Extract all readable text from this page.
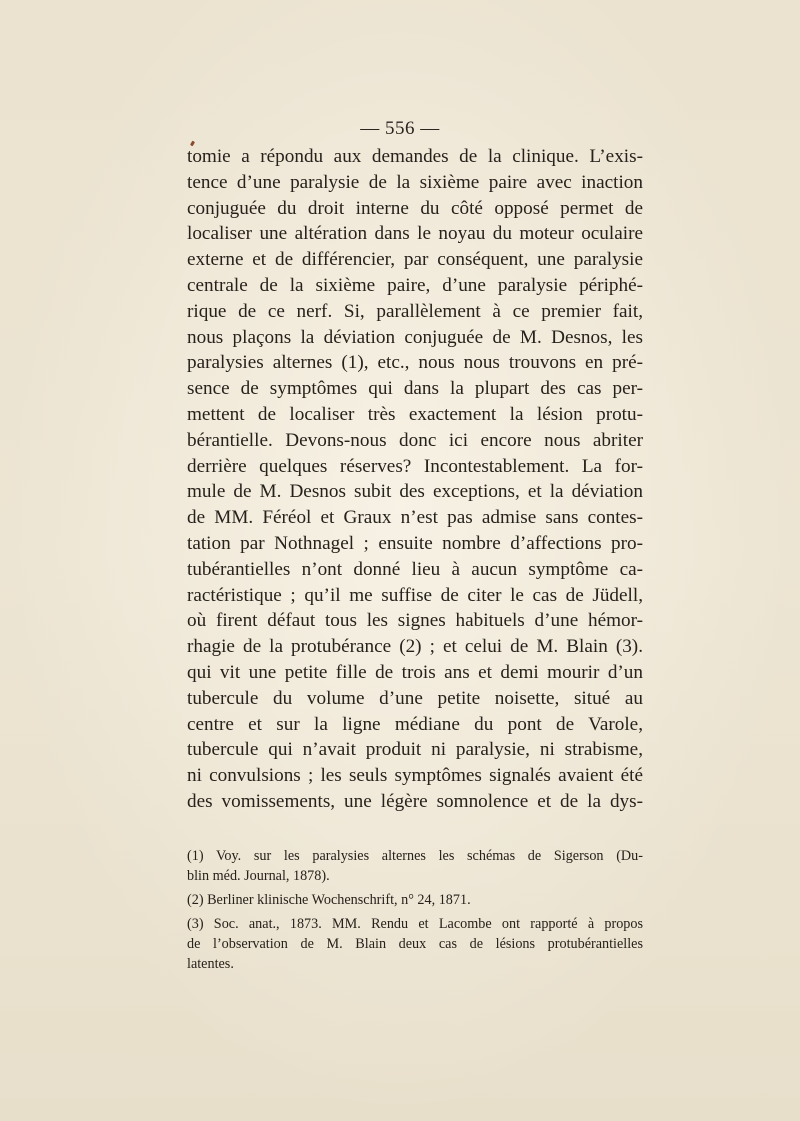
— 556 —
tomie a répondu aux demandes de la clinique. L’exis-
tence d’une paralysie de la sixième paire avec inaction
conjuguée du droit interne du côté opposé permet de
localiser une altération dans le noyau du moteur oculaire
externe et de différencier, par conséquent, une paralysie
centrale de la sixième paire, d’une paralysie périphé-
rique de ce nerf. Si, parallèlement à ce premier fait,
nous plaçons la déviation conjuguée de M. Desnos, les
paralysies alternes (1), etc., nous nous trouvons en pré-
sence de symptômes qui dans la plupart des cas per-
mettent de localiser très exactement la lésion protu-
bérantielle. Devons-nous donc ici encore nous abriter
derrière quelques réserves? Incontestablement. La for-
mule de M. Desnos subit des exceptions, et la déviation
de MM. Féréol et Graux n’est pas admise sans contes-
tation par Nothnagel ; ensuite nombre d’affections pro-
tubérantielles n’ont donné lieu à aucun symptôme ca-
ractéristique ; qu’il me suffise de citer le cas de Jüdell,
où firent défaut tous les signes habituels d’une hémor-
rhagie de la protubérance (2) ; et celui de M. Blain (3).
qui vit une petite fille de trois ans et demi mourir d’un
tubercule du volume d’une petite noisette, situé au
centre et sur la ligne médiane du pont de Varole,
tubercule qui n’avait produit ni paralysie, ni strabisme,
ni convulsions ; les seuls symptômes signalés avaient été
des vomissements, une légère somnolence et de la dys-
(1) Voy. sur les paralysies alternes les schémas de Sigerson (Du-
blin méd. Journal, 1878).
(2) Berliner klinische Wochenschrift, n° 24, 1871.
(3) Soc. anat., 1873. MM. Rendu et Lacombe ont rapporté à propos
de l’observation de M. Blain deux cas de lésions protubérantielles
latentes.
